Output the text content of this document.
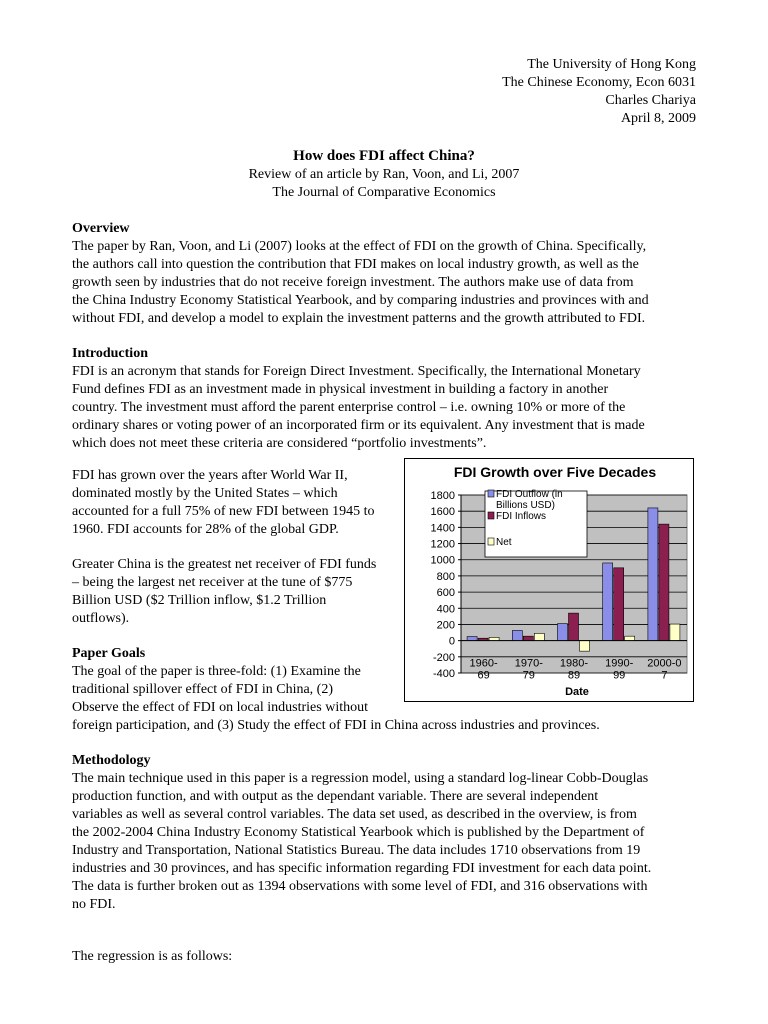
The University of Hong Kong
The Chinese Economy, Econ 6031
Charles Chariya
April 8, 2009
How does FDI affect China?
Review of an article by Ran, Voon, and Li, 2007
The Journal of Comparative Economics
Overview
The paper by Ran, Voon, and Li (2007) looks at the effect of FDI on the growth of China. Specifically,
the authors call into question the contribution that FDI makes on local industry growth, as well as the
growth seen by industries that do not receive foreign investment. The authors make use of data from
the China Industry Economy Statistical Yearbook, and by comparing industries and provinces with and
without FDI, and develop a model to explain the investment patterns and the growth attributed to FDI.
Introduction
FDI is an acronym that stands for Foreign Direct Investment. Specifically, the International Monetary
Fund defines FDI as an investment made in physical investment in building a factory in another
country. The investment must afford the parent enterprise control – i.e. owning 10% or more of the
ordinary shares or voting power of an incorporated firm or its equivalent. Any investment that is made
which does not meet these criteria are considered “portfolio investments”.
FDI has grown over the years after World War II,
dominated mostly by the United States – which
accounted for a full 75% of new FDI between 1945 to
1960. FDI accounts for 28% of the global GDP.
Greater China is the greatest net receiver of FDI funds
– being the largest net receiver at the tune of $775
Billion USD ($2 Trillion inflow, $1.2 Trillion
outflows).
Paper Goals
The goal of the paper is three-fold: (1) Examine the
traditional spillover effect of FDI in China, (2)
Observe the effect of FDI on local industries without
foreign participation, and (3) Study the effect of FDI in China across industries and provinces.
Methodology
The main technique used in this paper is a regression model, using a standard log-linear Cobb-Douglas
production function, and with output as the dependant variable. There are several independent
variables as well as several control variables. The data set used, as described in the overview, is from
the 2002-2004 China Industry Economy Statistical Yearbook which is published by the Department of
Industry and Transportation, National Statistics Bureau. The data includes 1710 observations from 19
industries and 30 provinces, and has specific information regarding FDI investment for each data point.
The data is further broken out as 1394 observations with some level of FDI, and 316 observations with
no FDI.
The regression is as follows:
FDI Growth over Five Decades
-400
-200
0
200
400
600
800
1000
1200
1400
1600
1800
1960-
69
1970-
79
1980-
89
1990-
99
2000-0
7
FDI Outflow (in
Billions USD)
FDI Inflows
Net
Date
